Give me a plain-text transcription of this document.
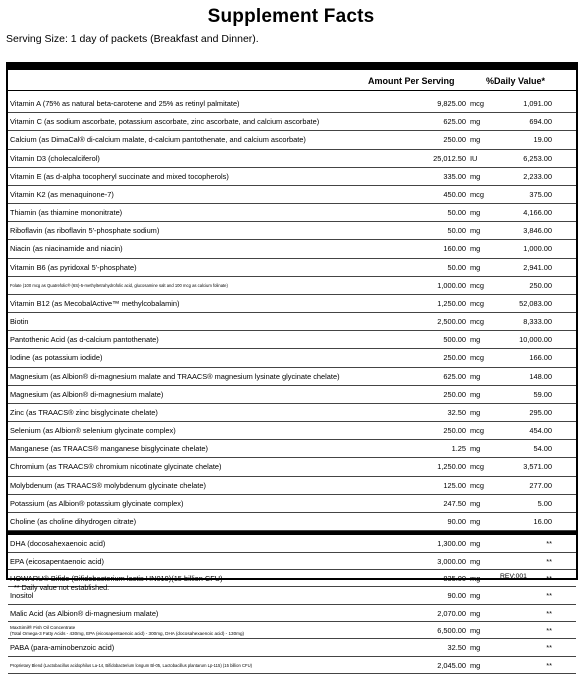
Supplement Facts
Serving Size: 1 day of packets (Breakfast and Dinner).
Amount Per Serving	%Daily Value*
Vitamin A (75% as natural beta-carotene and 25% as retinyl palmitate)	9,825.00 mcg	1,091.00
Vitamin C (as sodium ascorbate, potassium ascorbate, zinc ascorbate, and calcium ascorbate)	625.00 mg	694.00
Calcium (as DimaCal® di-calcium malate, d-calcium pantothenate, and calcium ascorbate)	250.00 mg	19.00
Vitamin D3 (cholecalciferol)	25,012.50 IU	6,253.00
Vitamin E (as d-alpha tocopheryl succinate and mixed tocopherols)	335.00 mg	2,233.00
Vitamin K2 (as menaquinone-7)	450.00 mcg	375.00
Thiamin (as thiamine mononitrate)	50.00 mg	4,166.00
Riboflavin (as riboflavin 5'-phosphate sodium)	50.00 mg	3,846.00
Niacin (as niacinamide and niacin)	160.00 mg	1,000.00
Vitamin B6 (as pyridoxal 5'-phosphate)	50.00 mg	2,941.00
Folate (100 mcg as Quatrefolic® (6S)-5-methyltetrahydrofolic acid, glucosamine salt and 100 mcg as calcium folinate)	1,000.00 mcg	250.00
Vitamin B12 (as MecobalActive™ methylcobalamin)	1,250.00 mcg	52,083.00
Biotin	2,500.00 mcg	8,333.00
Pantothenic Acid (as d-calcium pantothenate)	500.00 mg	10,000.00
Iodine (as potassium iodide)	250.00 mcg	166.00
Magnesium (as Albion® di-magnesium malate and TRAACS® magnesium lysinate glycinate chelate)	625.00 mg	148.00
Magnesium (as Albion® di-magnesium malate)	250.00 mg	59.00
Zinc (as TRAACS® zinc bisglycinate chelate)	32.50 mg	295.00
Selenium (as Albion® selenium glycinate complex)	250.00 mcg	454.00
Manganese (as TRAACS® manganese bisglycinate chelate)	1.25 mg	54.00
Chromium (as TRAACS® chromium nicotinate glycinate chelate)	1,250.00 mcg	3,571.00
Molybdenum (as TRAACS® molybdenum glycinate chelate)	125.00 mcg	277.00
Potassium (as Albion® potassium glycinate complex)	247.50 mg	5.00
Choline (as choline dihydrogen citrate)	90.00 mg	16.00
DHA (docosahexaenoic acid)	1,300.00 mg	**
EPA (eicosapentaenoic acid)	3,000.00 mg	**
HOWARU® Bifido (Bifidobacterium lactis HN019)(15 billion CFU)	835.00 mg	**
Inositol	90.00 mg	**
Malic Acid (as Albion® di-magnesium malate)	2,070.00 mg	**
MaxSimil® Fish Oil Concentrate
(Total Omega-3 Fatty Acids - 430mg, EPA (eicosapentaenoic acid) - 300mg, DHA (docosahexaenoic acid) - 130mg)	6,500.00 mg	**
PABA (para-aminobenzoic acid)	32.50 mg	**
Proprietary Blend (Lactobacillus acidophilus La-14, Bifidobacterium longum Bl-05, Lactobacillus plantarum Lp-115) (15 billion CFU)	2,045.00 mg	**
REV:001
** Daily value not established.
